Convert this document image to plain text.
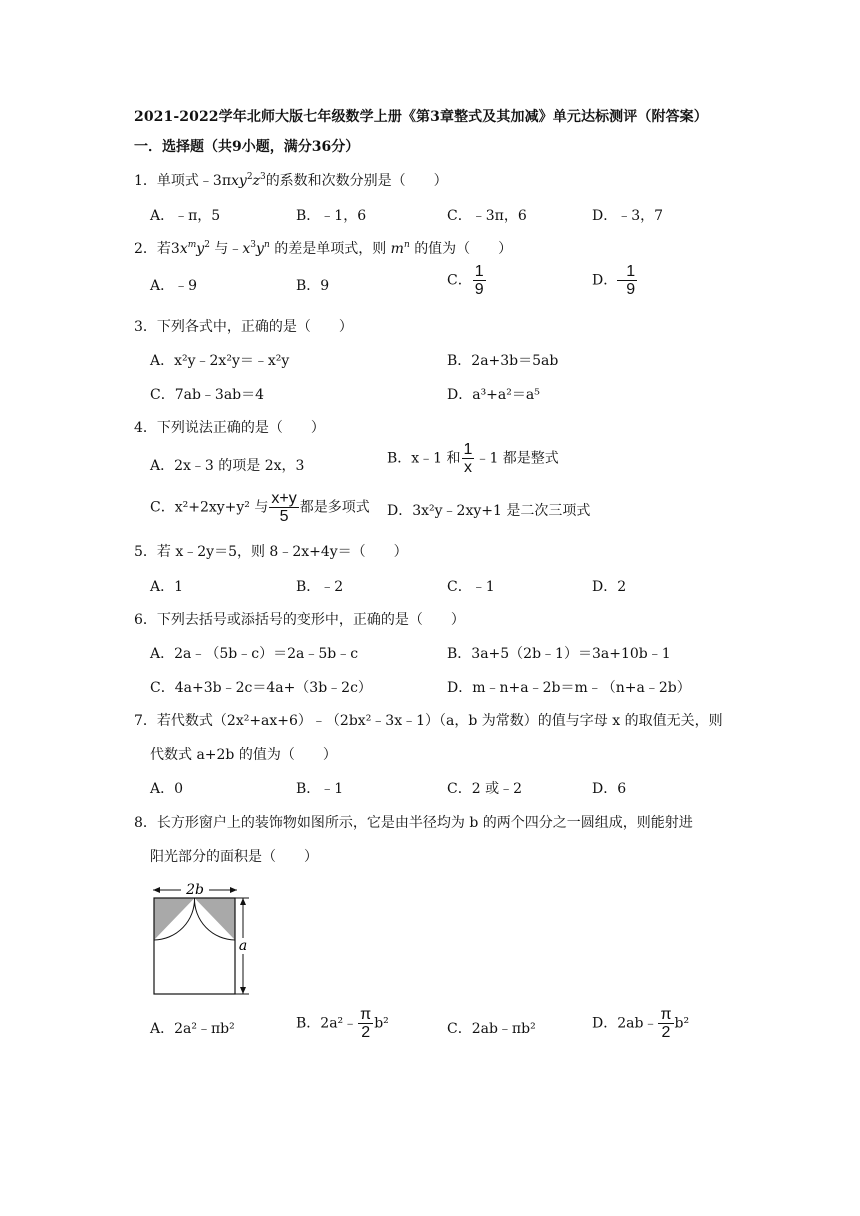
2021-2022学年北师大版七年级数学上册《第3章整式及其加减》单元达标测评（附答案）
一．选择题（共9小题，满分36分）
1．单项式$﹣3\pi xy^2z^3$的系数和次数分别是（　　）
A．﹣π，5	B．﹣1，6	C．﹣3π，6	D．﹣3，7
2．若$3x^my^2$ 与$﹣x^3y^n$ 的差是单项式，则 $m^n$ 的值为（　　）
A．﹣9	B．9	C． $\frac{1}{9}$	D． $\frac{1}{9}$
3．下列各式中，正确的是（　　）
A．x²y﹣2x²y＝﹣x²y	B．2a+3b＝5ab
C．7ab﹣3ab＝4	D．a³+a²＝a⁵
4．下列说法正确的是（　　）
A．2x﹣3 的项是 2x，3	B．x﹣1 和 $\frac{1}{x}$ ﹣1 都是整式
C．x²+2xy+y² 与 $\frac{x+y}{5}$ 都是多项式 D．3x²y﹣2xy+1 是二次三项式
5．若 x﹣2y＝5，则 8﹣2x+4y＝（　　）
A．1	B．﹣2	C．﹣1	D．2
6．下列去括号或添括号的变形中，正确的是（　　）
A．2a﹣（5b﹣c）＝2a﹣5b﹣c	B．3a+5（2b﹣1）＝3a+10b﹣1
C．4a+3b﹣2c＝4a+（3b﹣2c）	D．m﹣n+a﹣2b＝m﹣（n+a﹣2b）
7．若代数式（2x²+ax+6）﹣（2bx²﹣3x﹣1）（a，b 为常数）的值与字母 x 的取值无关，则
代数式 a+2b 的值为（　　）
A．0	B．﹣1	C．2 或﹣2	D．6
8．长方形窗户上的装饰物如图所示，它是由半径均为 b 的两个四分之一圆组成，则能射进
阳光部分的面积是（　　）
2b
a
A．2a²﹣πb²	B．2a²﹣ $\frac{\pi}{2} b^2$	C．2ab﹣πb²	D．2ab﹣ $\frac{\pi}{2} b^2$
